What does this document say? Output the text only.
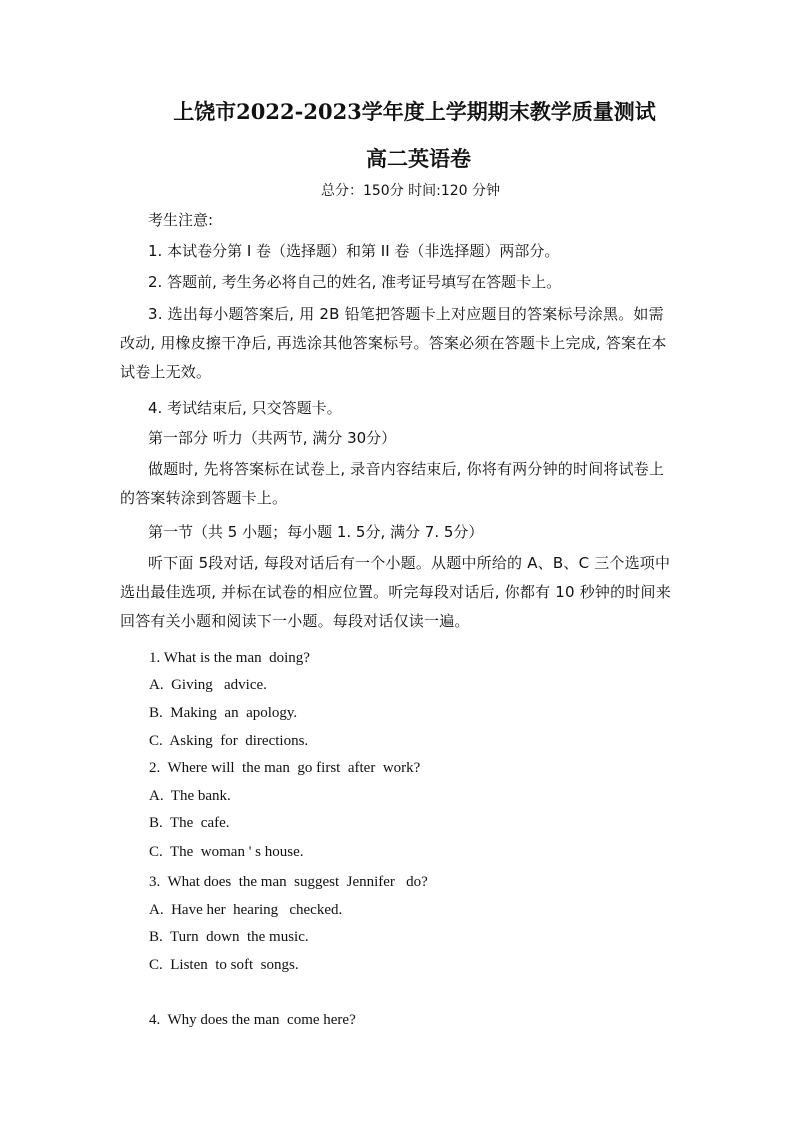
上饶市2022-2023学年度上学期期末教学质量测试
高二英语卷
总分：150分 时间:120 分钟
考生注意:
1. 本试卷分第 I 卷（选择题）和第 II 卷（非选择题）两部分。
2. 答题前, 考生务必将自己的姓名, 准考证号填写在答题卡上。
3. 选出每小题答案后, 用 2B 铅笔把答题卡上对应题目的答案标号涂黑。如需改动, 用橡皮擦干净后, 再选涂其他答案标号。答案必须在答题卡上完成, 答案在本试卷上无效。
4. 考试结束后, 只交答题卡。
第一部分 听力（共两节, 满分 30分）
做题时, 先将答案标在试卷上, 录音内容结束后, 你将有两分钟的时间将试卷上的答案转涂到答题卡上。
第一节（共 5 小题；每小题 1. 5分, 满分 7. 5分）
听下面 5段对话, 每段对话后有一个小题。从题中所给的 A、B、C 三个选项中选出最佳选项, 并标在试卷的相应位置。听完每段对话后, 你都有 10 秒钟的时间来回答有关小题和阅读下一小题。每段对话仅读一遍。
1. What is the man  doing?
A.  Giving   advice.
B.  Making  an  apology.
C.  Asking  for  directions.
2.  Where will  the man  go first  after  work?
A.  The bank.
B.  The  cafe.
C.  The  woman ' s house.
3.  What does  the man  suggest  Jennifer   do?
A.  Have her  hearing   checked.
B.  Turn  down  the music.
C.  Listen  to soft  songs.
4.  Why does the man  come here?
